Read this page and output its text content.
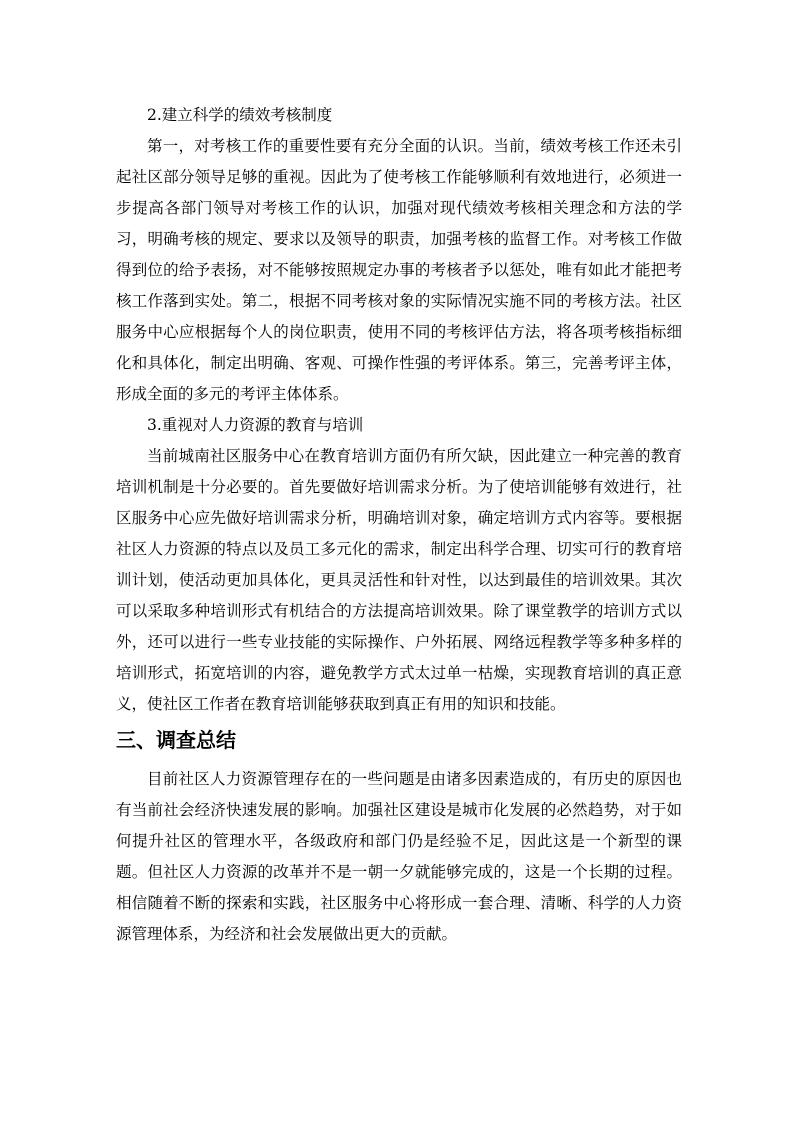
2.建立科学的绩效考核制度

第一，对考核工作的重要性要有充分全面的认识。当前，绩效考核工作还未引起社区部分领导足够的重视。因此为了使考核工作能够顺利有效地进行，必须进一步提高各部门领导对考核工作的认识，加强对现代绩效考核相关理念和方法的学习，明确考核的规定、要求以及领导的职责，加强考核的监督工作。对考核工作做得到位的给予表扬，对不能够按照规定办事的考核者予以惩处，唯有如此才能把考核工作落到实处。第二，根据不同考核对象的实际情况实施不同的考核方法。社区服务中心应根据每个人的岗位职责，使用不同的考核评估方法，将各项考核指标细化和具体化，制定出明确、客观、可操作性强的考评体系。第三，完善考评主体，形成全面的多元的考评主体体系。

3.重视对人力资源的教育与培训

当前城南社区服务中心在教育培训方面仍有所欠缺，因此建立一种完善的教育培训机制是十分必要的。首先要做好培训需求分析。为了使培训能够有效进行，社区服务中心应先做好培训需求分析，明确培训对象，确定培训方式内容等。要根据社区人力资源的特点以及员工多元化的需求，制定出科学合理、切实可行的教育培训计划，使活动更加具体化，更具灵活性和针对性，以达到最佳的培训效果。其次可以采取多种培训形式有机结合的方法提高培训效果。除了课堂教学的培训方式以外，还可以进行一些专业技能的实际操作、户外拓展、网络远程教学等多种多样的培训形式，拓宽培训的内容，避免教学方式太过单一枯燥，实现教育培训的真正意义，使社区工作者在教育培训能够获取到真正有用的知识和技能。

三、调查总结

目前社区人力资源管理存在的一些问题是由诸多因素造成的，有历史的原因也有当前社会经济快速发展的影响。加强社区建设是城市化发展的必然趋势，对于如何提升社区的管理水平，各级政府和部门仍是经验不足，因此这是一个新型的课题。但社区人力资源的改革并不是一朝一夕就能够完成的，这是一个长期的过程。相信随着不断的探索和实践，社区服务中心将形成一套合理、清晰、科学的人力资源管理体系，为经济和社会发展做出更大的贡献。
